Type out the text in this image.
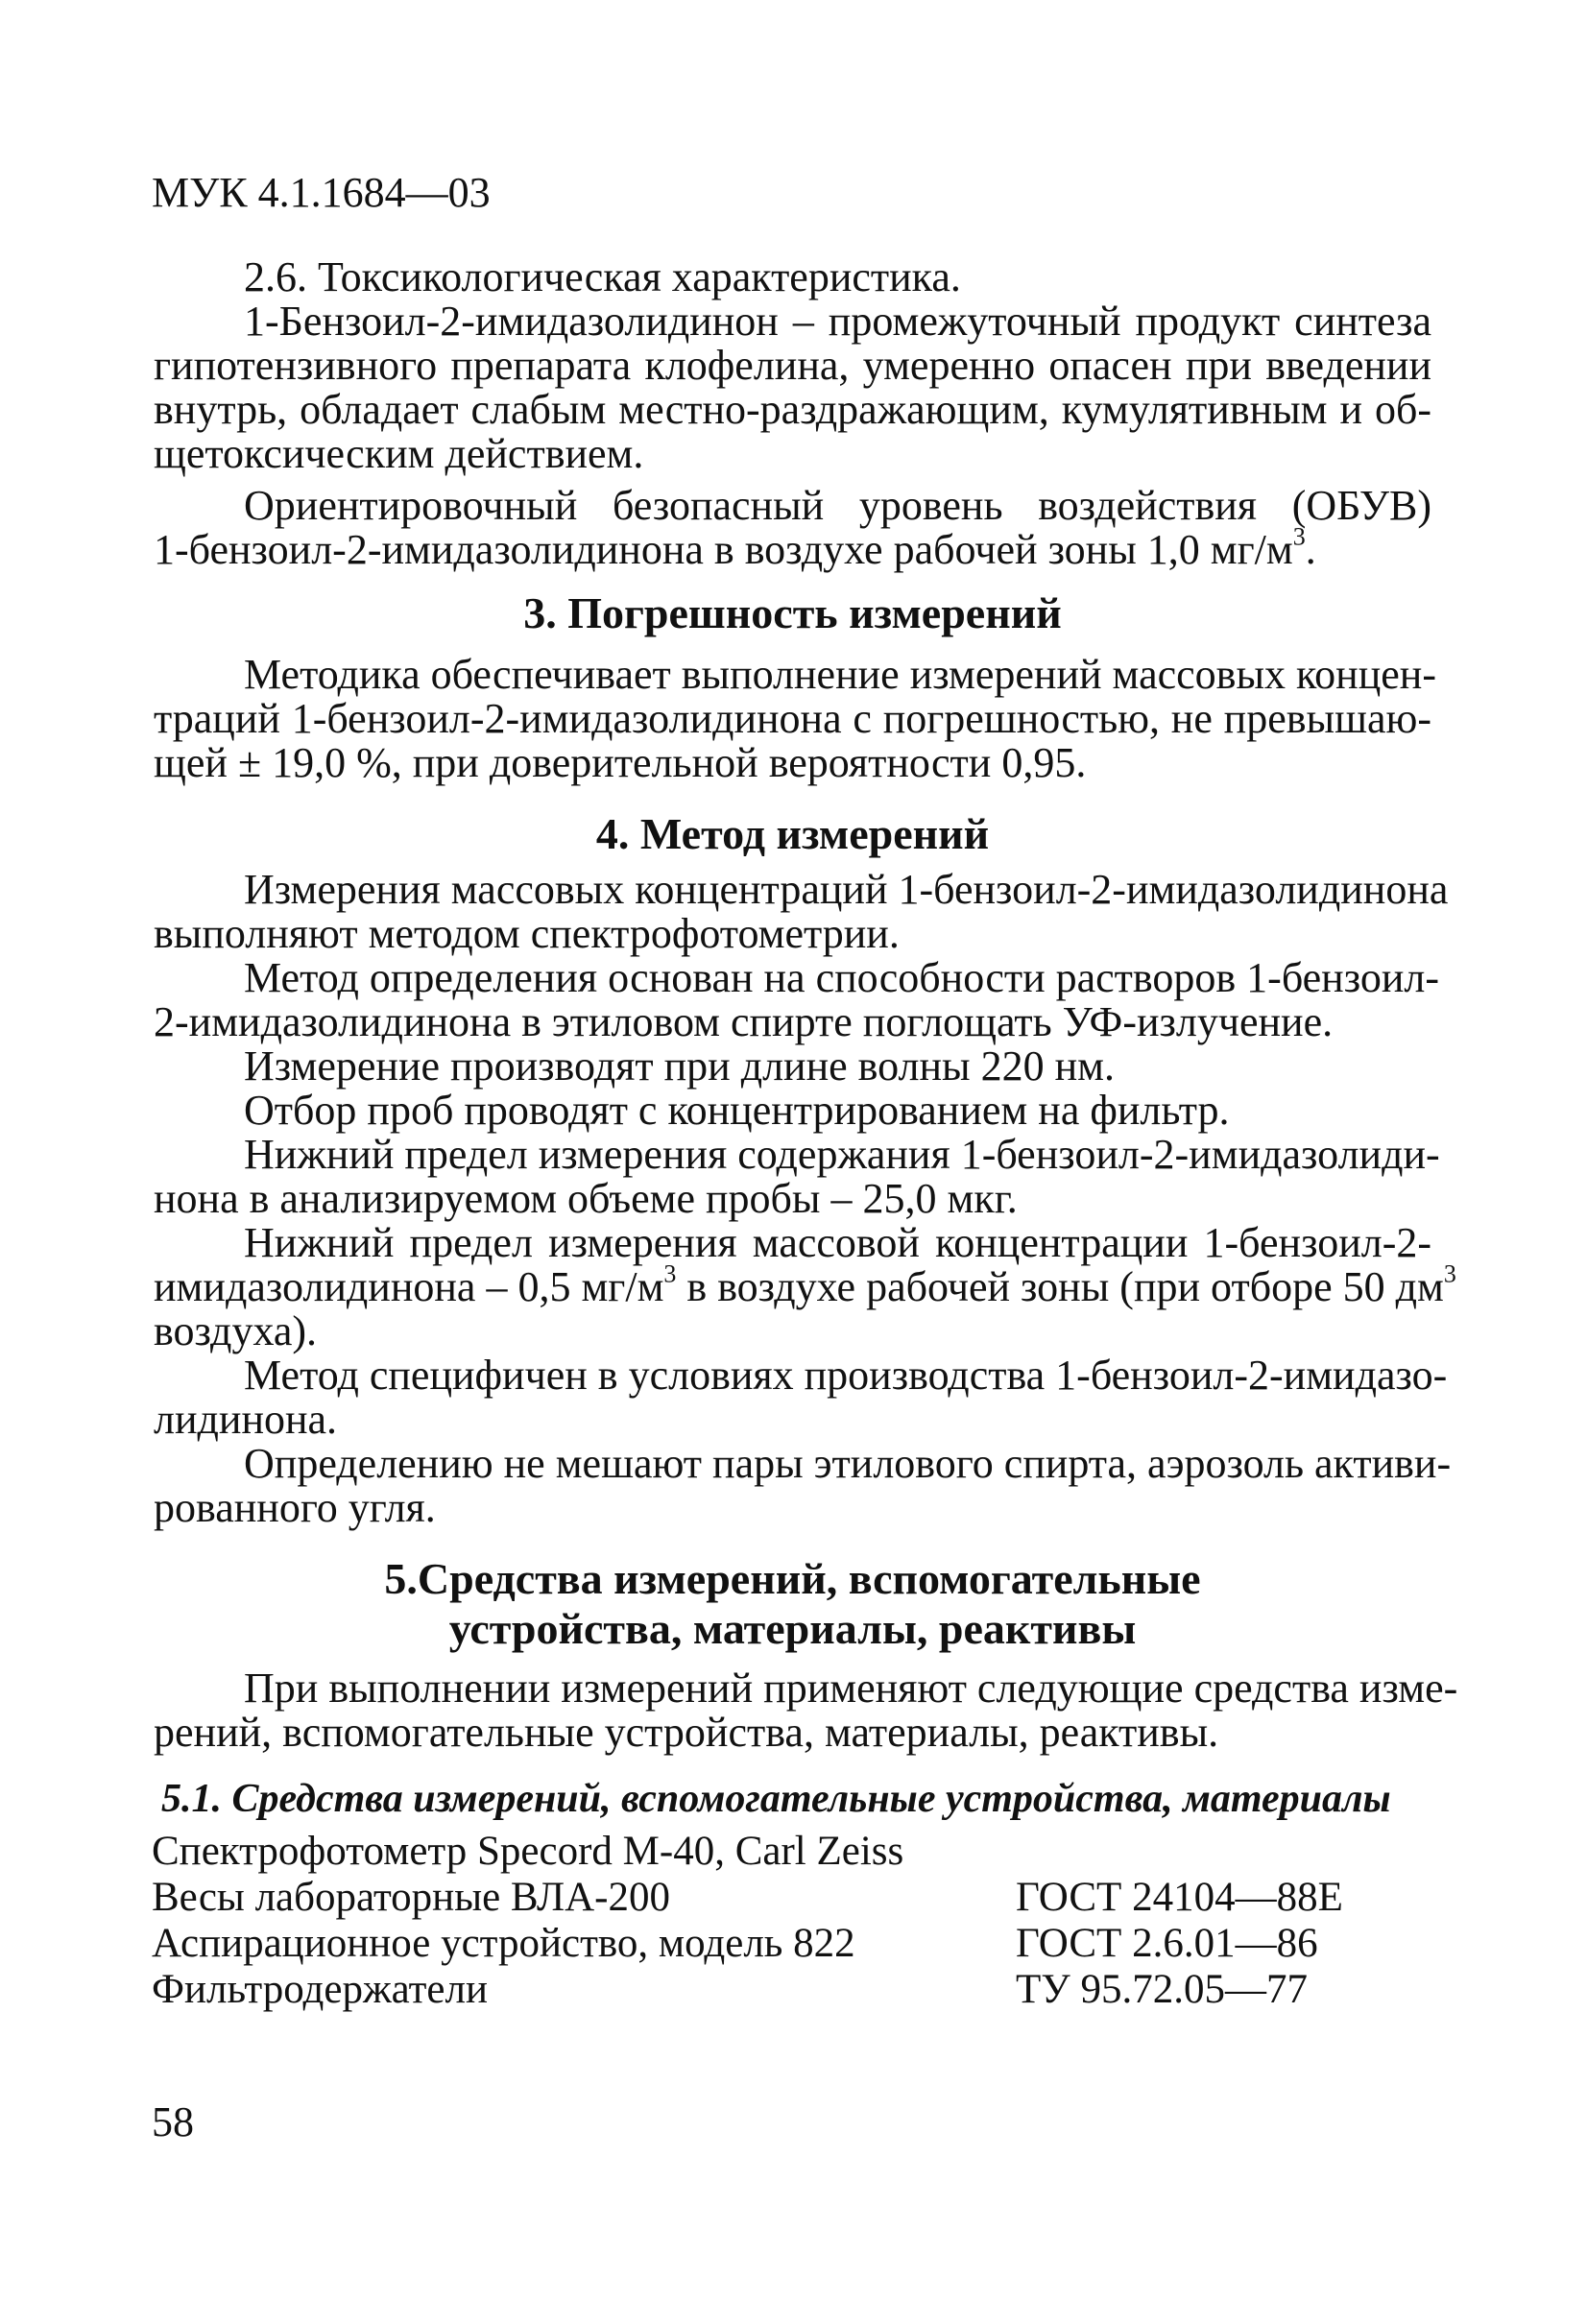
МУК 4.1.1684—03
2.6. Токсикологическая характеристика.
1-Бензоил-2-имидазолидинон – промежуточный продукт синтеза
гипотензивного препарата клофелина, умеренно опасен при введении
внутрь, обладает слабым местно-раздражающим, кумулятивным и об-
щетоксическим действием.
Ориентировочный безопасный уровень воздействия (ОБУВ)
1-бензоил-2-имидазолидинона в воздухе рабочей зоны 1,0 $мг/м^3$.
3. Погрешность измерений
Методика обеспечивает выполнение измерений массовых концен-
траций 1-бензоил-2-имидазолидинона с погрешностью, не превышаю-
щей ± 19,0 %, при доверительной вероятности 0,95.
4. Метод измерений
Измерения массовых концентраций 1-бензоил-2-имидазолидинона
выполняют методом спектрофотометрии.
Метод определения основан на способности растворов 1-бензоил-
2-имидазолидинона в этиловом спирте поглощать УФ-излучение.
Измерение производят при длине волны 220 нм.
Отбор проб проводят с концентрированием на фильтр.
Нижний предел измерения содержания 1-бензоил-2-имидазолиди-
нона в анализируемом объеме пробы – 25,0 мкг.
Нижний предел измерения массовой концентрации 1-бензоил-2-
имидазолидинона – 0,5 $мг/м^3$ в воздухе рабочей зоны (при отборе 50 $дм^3$
воздуха).
Метод специфичен в условиях производства 1-бензоил-2-имидазо-
лидинона.
Определению не мешают пары этилового спирта, аэрозоль активи-
рованного угля.
5.Средства измерений, вспомогательные
устройства, материалы, реактивы
При выполнении измерений применяют следующие средства изме-
рений, вспомогательные устройства, материалы, реактивы.
5.1. Средства измерений, вспомогательные устройства, материалы
Спектрофотометр Specord M-40, Carl Zeiss
Весы лабораторные ВЛА-200	ГОСТ 24104—88Е
Аспирационное устройство, модель 822	ГОСТ 2.6.01—86
Фильтродержатели	ТУ 95.72.05—77
58
